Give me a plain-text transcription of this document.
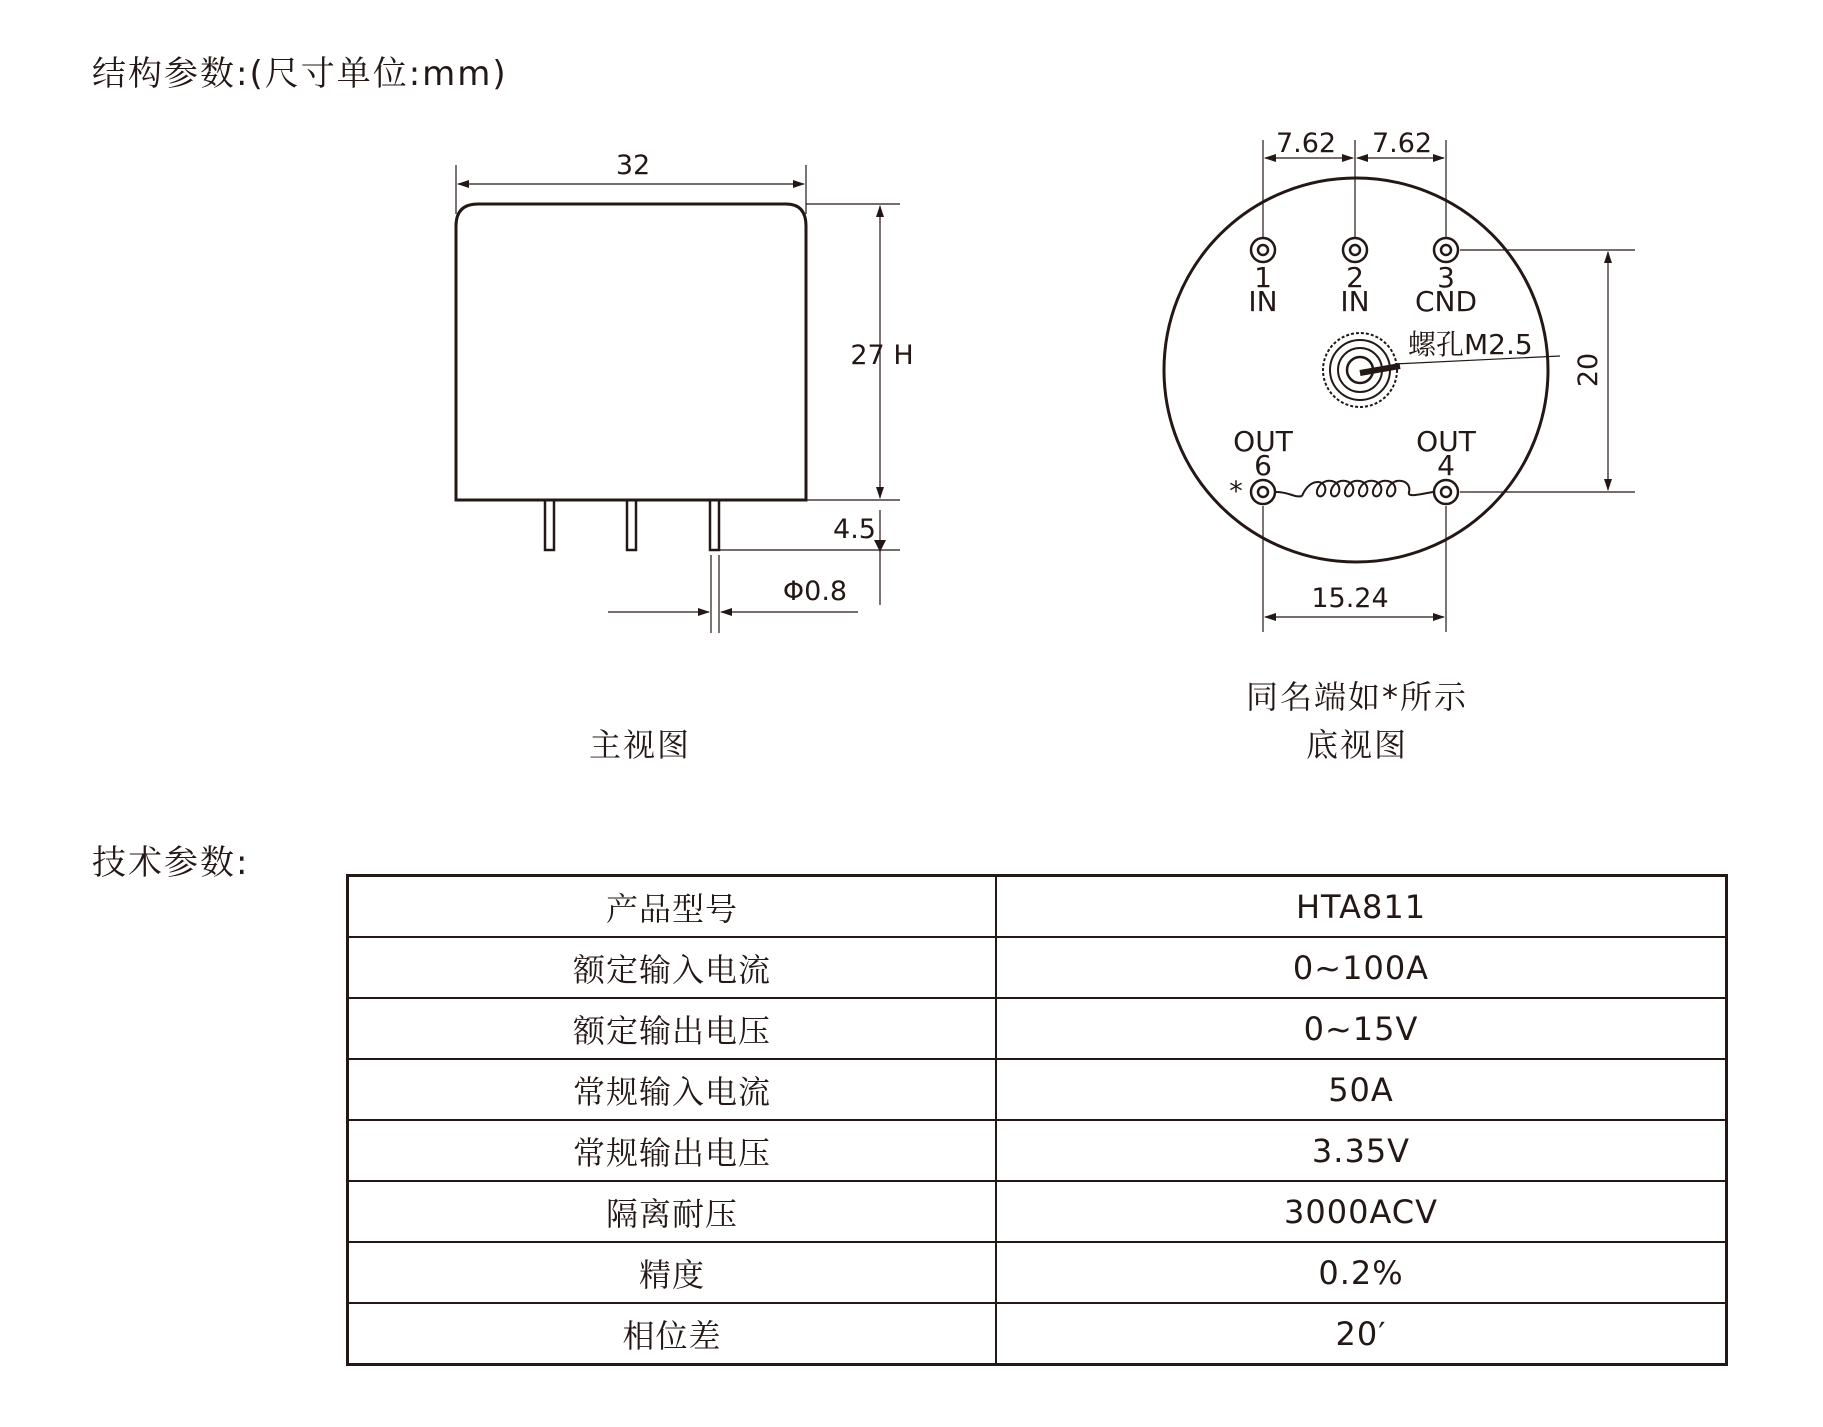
结构参数:(尺寸单位:mm)
32
27 H
4.5
Φ0.8
主视图
7.62 7.62
1
IN
2
IN
3
CND
OUT
6
OUT
4
*
螺孔M2.5
20
15.24
同名端如*所示
底视图
技术参数:
产品型号	HTA811
额定输入电流	0~100A
额定输出电压	0~15V
常规输入电流	50A
常规输出电压	3.35V
隔离耐压	3000ACV
精度	0.2%
相位差	20′
